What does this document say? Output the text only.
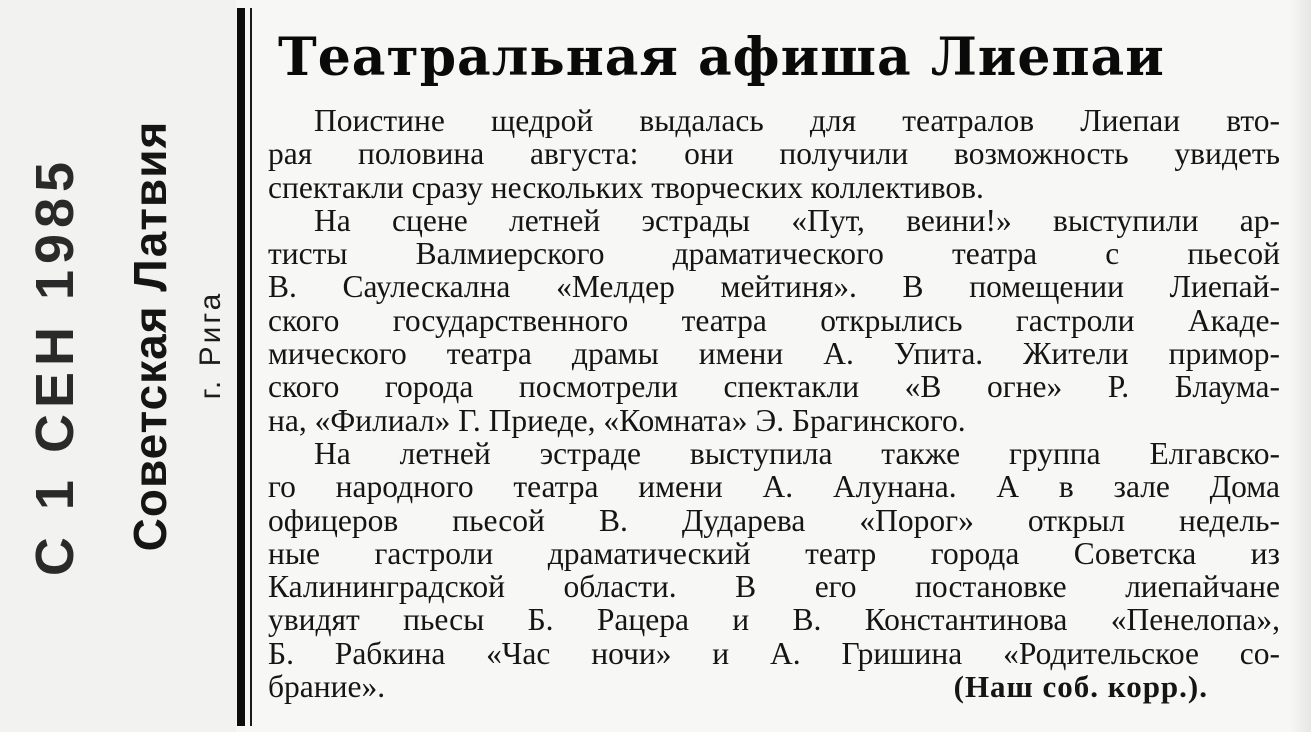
С 1 СЕН 1985 Советская Латвия г. Рига
Театральная афиша Лиепаи
Поистине щедрой выдалась для театралов Лиепаи вто-
рая половина августа: они получили возможность увидеть
спектакли сразу нескольких творческих коллективов.
На сцене летней эстрады «Пут, веини!» выступили ар-
тисты Валмиерского драматического театра с пьесой
В. Саулескална «Мелдер мейтиня». В помещении Лиепай-
ского государственного театра открылись гастроли Акаде-
мического театра драмы имени А. Упита. Жители примор-
ского города посмотрели спектакли «В огне» Р. Блаума-
на, «Филиал» Г. Приеде, «Комната» Э. Брагинского.
На летней эстраде выступила также группа Елгавско-
го народного театра имени А. Алунана. А в зале Дома
офицеров пьесой В. Дударева «Порог» открыл недель-
ные гастроли драматический театр города Советска из
Калининградской области. В его постановке лиепайчане
увидят пьесы Б. Рацера и В. Константинова «Пенелопа»,
Б. Рабкина «Час ночи» и А. Гришина «Родительское со-
брание».	(Наш соб. корр.).
